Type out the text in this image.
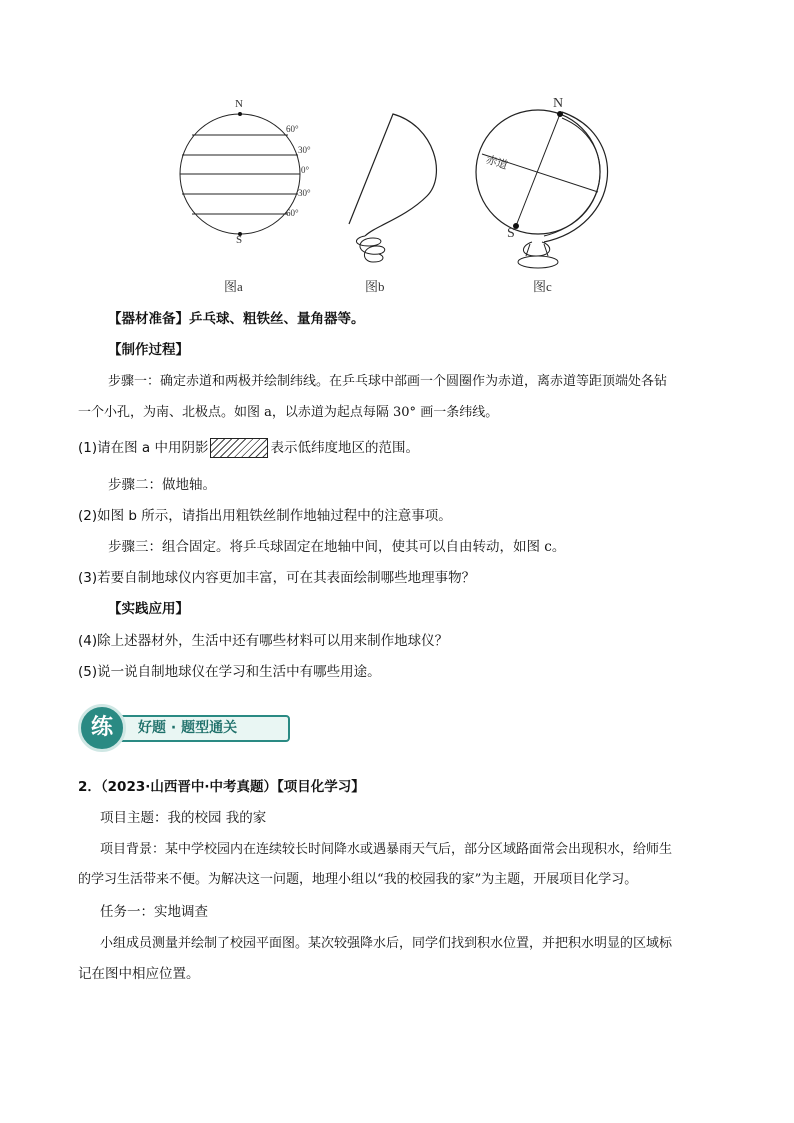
N
S
60°
30°
0°
30°
60°
图a	图b
N
S
赤道
图c
【器材准备】乒乓球、粗铁丝、量角器等。
【制作过程】
步骤一：确定赤道和两极并绘制纬线。在乒乓球中部画一个圆圈作为赤道，离赤道等距顶端处各钻
一个小孔，为南、北极点。如图 a，以赤道为起点每隔 30° 画一条纬线。
(1)请在图 a 中用阴影	表示低纬度地区的范围。
步骤二：做地轴。
(2)如图 b 所示，请指出用粗铁丝制作地轴过程中的注意事项。
步骤三：组合固定。将乒乓球固定在地轴中间，使其可以自由转动，如图 c。
(3)若要自制地球仪内容更加丰富，可在其表面绘制哪些地理事物？
【实践应用】
(4)除上述器材外，生活中还有哪些材料可以用来制作地球仪？
(5)说一说自制地球仪在学习和生活中有哪些用途。
练	好题 · 题型通关
2．（2023·山西晋中·中考真题）【项目化学习】
项目主题：我的校园 我的家
项目背景：某中学校园内在连续较长时间降水或遇暴雨天气后，部分区域路面常会出现积水，给师生
的学习生活带来不便。为解决这一问题，地理小组以“我的校园我的家”为主题，开展项目化学习。
任务一：实地调查
小组成员测量并绘制了校园平面图。某次较强降水后，同学们找到积水位置，并把积水明显的区域标
记在图中相应位置。
